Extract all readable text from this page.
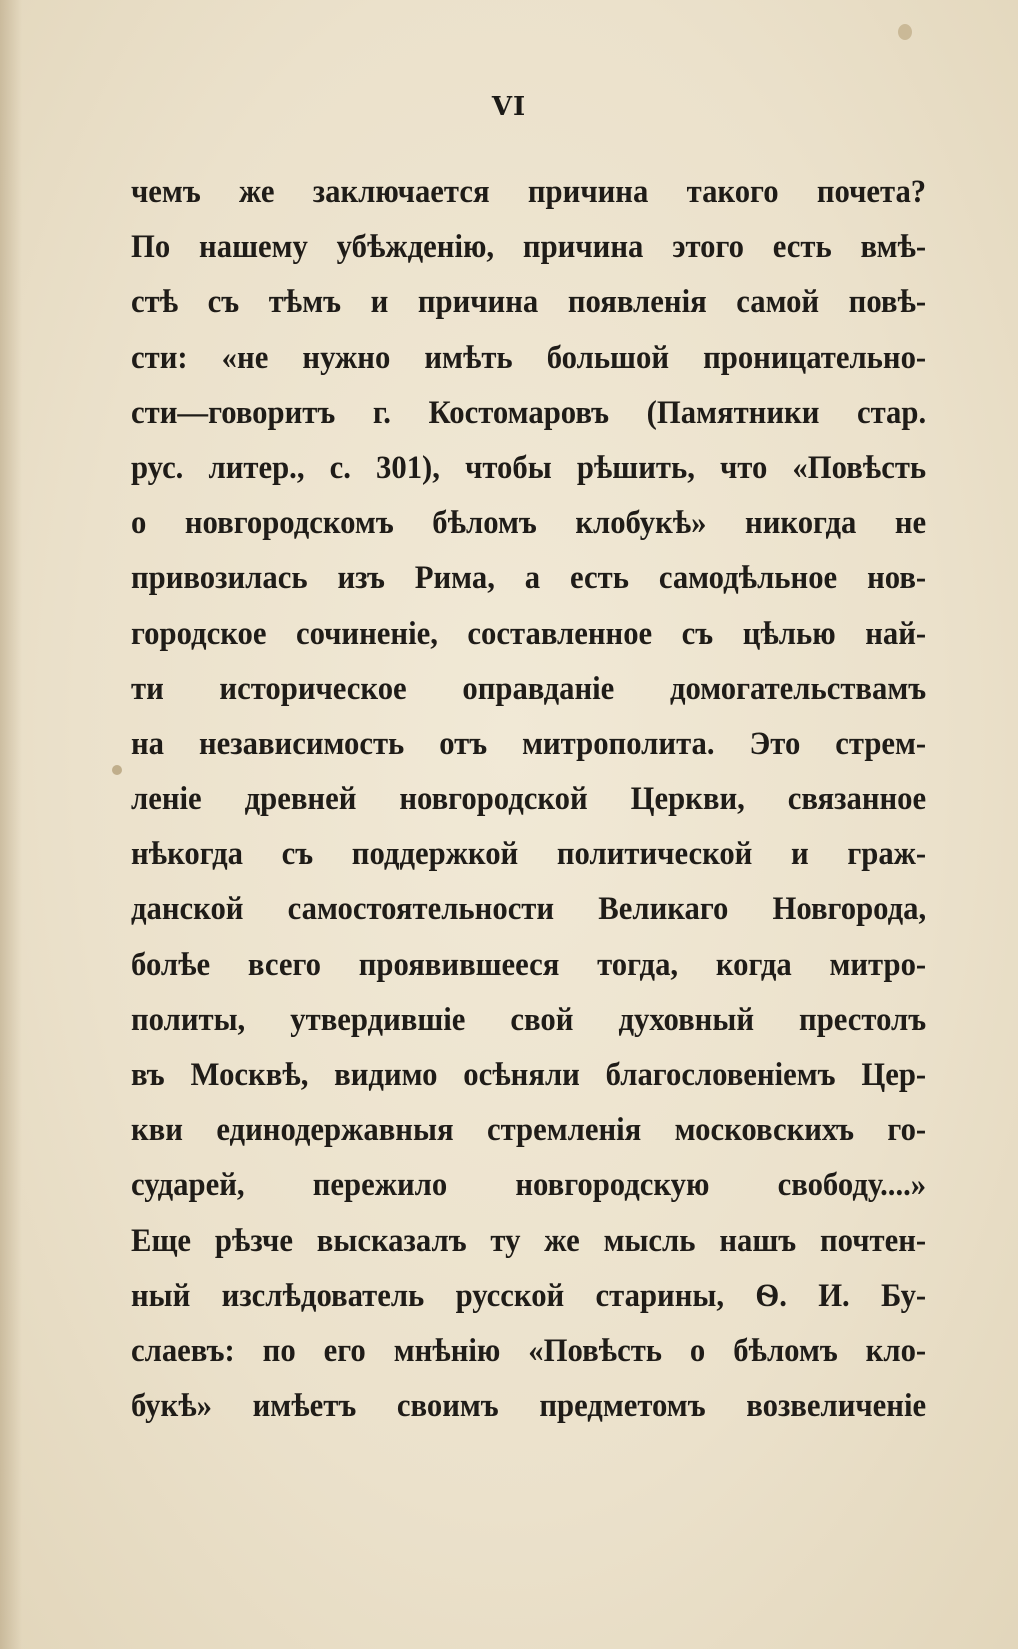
VI
чемъ же заключается причина такого почета?
По нашему убѣжденію, причина этого есть вмѣ-
стѣ съ тѣмъ и причина появленія самой повѣ-
сти: «не нужно имѣть большой проницательно-
сти—говоритъ г. Костомаровъ (Памятники стар.
рус. литер., с. 301), чтобы рѣшить, что «Повѣсть
о новгородскомъ бѣломъ клобукѣ» никогда не
привозилась изъ Рима, а есть самодѣльное нов-
городское сочиненіе, составленное съ цѣлью най-
ти историческое оправданіе домогательствамъ
на независимость отъ митрополита. Это стрем-
леніе древней новгородской Церкви, связанное
нѣкогда съ поддержкой политической и граж-
данской самостоятельности Великаго Новгорода,
болѣе всего проявившееся тогда, когда митро-
политы, утвердившіе свой духовный престолъ
въ Москвѣ, видимо осѣняли благословеніемъ Цер-
кви единодержавныя стремленія московскихъ го-
сударей, пережило новгородскую свободу....»
Еще рѣзче высказалъ ту же мысль нашъ почтен-
ный изслѣдователь русской старины, Ѳ. И. Бу-
слаевъ: по его мнѣнію «Повѣсть о бѣломъ кло-
букѣ» имѣетъ своимъ предметомъ возвеличеніе
